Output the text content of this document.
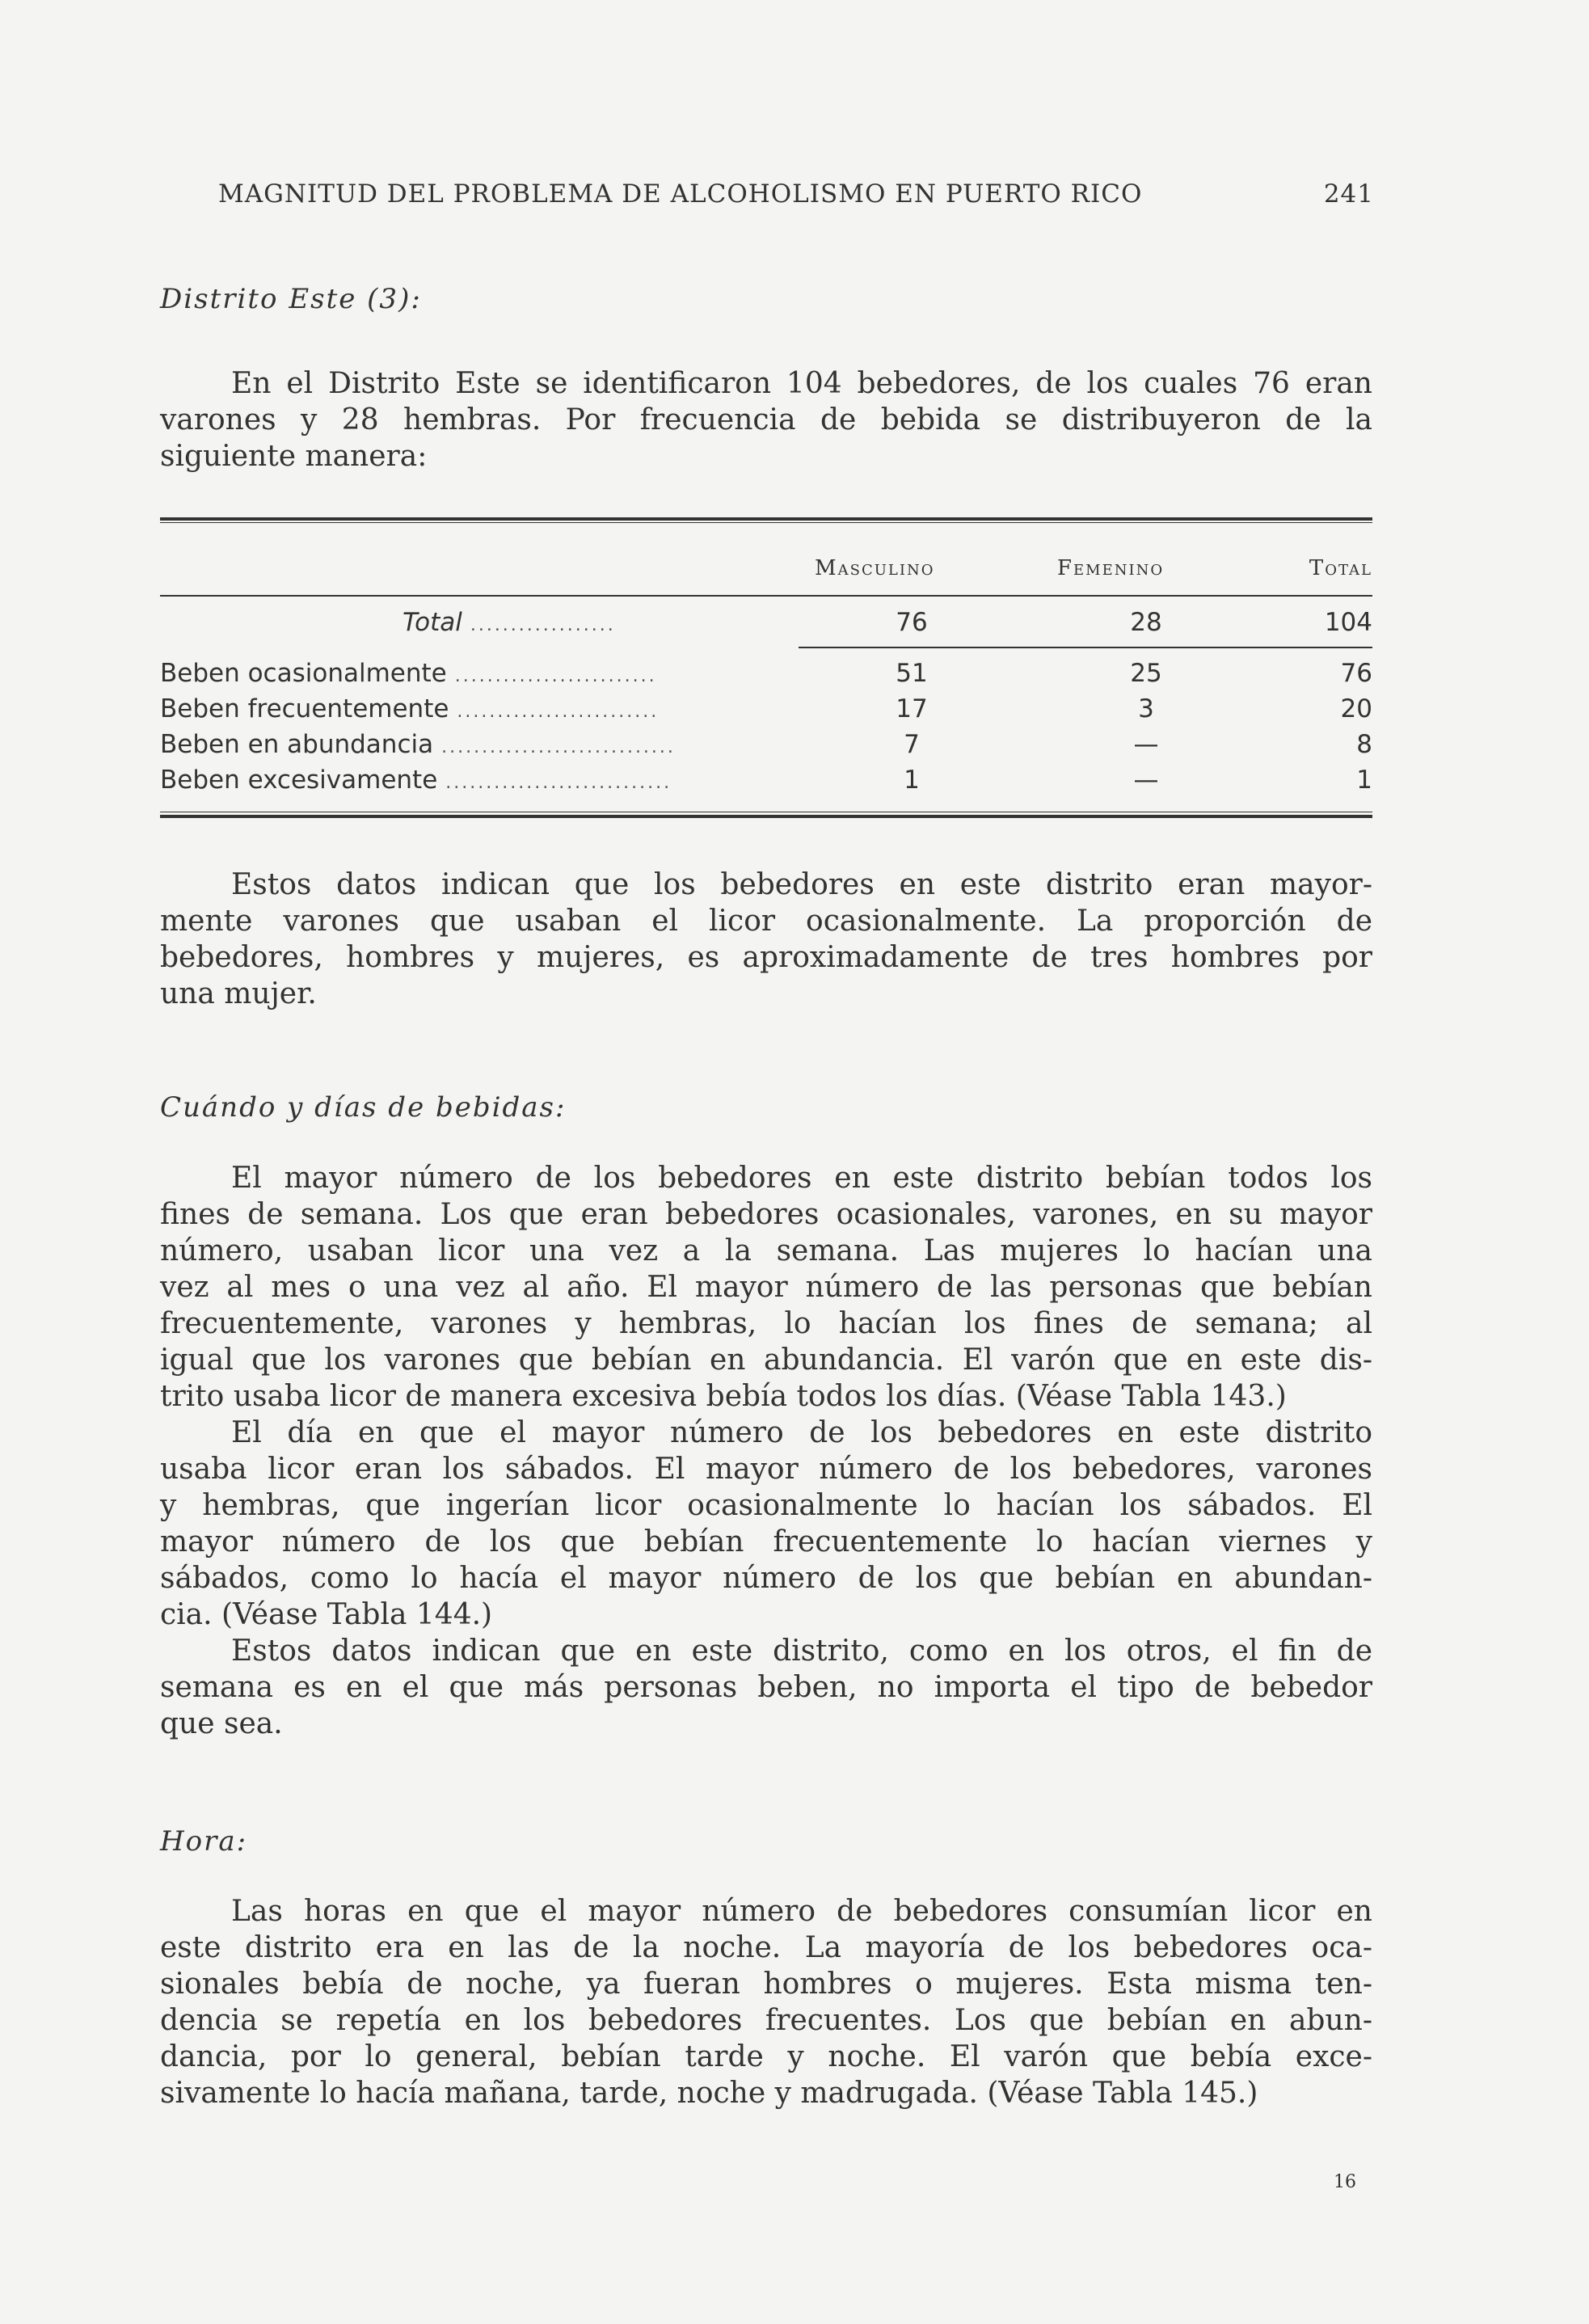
MAGNITUD DEL PROBLEMA DE ALCOHOLISMO EN PUERTO RICO	241
Distrito Este (3):
En el Distrito Este se identificaron 104 bebedores, de los cuales 76 eran
varones y 28 hembras. Por frecuencia de bebida se distribuyeron de la
siguiente manera:
Masculino	Femenino	Total
Total ..................	76	28	104
Beben ocasionalmente .........................	51	25	76
Beben frecuentemente .........................	17	3	20
Beben en abundancia .............................	7	—	8
Beben excesivamente ............................	1	—	1
Estos datos indican que los bebedores en este distrito eran mayor-
mente varones que usaban el licor ocasionalmente. La proporción de
bebedores, hombres y mujeres, es aproximadamente de tres hombres por
una mujer.
Cuándo y días de bebidas:
El mayor número de los bebedores en este distrito bebían todos los
fines de semana. Los que eran bebedores ocasionales, varones, en su mayor
número, usaban licor una vez a la semana. Las mujeres lo hacían una
vez al mes o una vez al año. El mayor número de las personas que bebían
frecuentemente, varones y hembras, lo hacían los fines de semana; al
igual que los varones que bebían en abundancia. El varón que en este dis-
trito usaba licor de manera excesiva bebía todos los días. (Véase Tabla 143.)
El día en que el mayor número de los bebedores en este distrito
usaba licor eran los sábados. El mayor número de los bebedores, varones
y hembras, que ingerían licor ocasionalmente lo hacían los sábados. El
mayor número de los que bebían frecuentemente lo hacían viernes y
sábados, como lo hacía el mayor número de los que bebían en abundan-
cia. (Véase Tabla 144.)
Estos datos indican que en este distrito, como en los otros, el fin de
semana es en el que más personas beben, no importa el tipo de bebedor
que sea.
Hora:
Las horas en que el mayor número de bebedores consumían licor en
este distrito era en las de la noche. La mayoría de los bebedores oca-
sionales bebía de noche, ya fueran hombres o mujeres. Esta misma ten-
dencia se repetía en los bebedores frecuentes. Los que bebían en abun-
dancia, por lo general, bebían tarde y noche. El varón que bebía exce-
sivamente lo hacía mañana, tarde, noche y madrugada. (Véase Tabla 145.)
16
